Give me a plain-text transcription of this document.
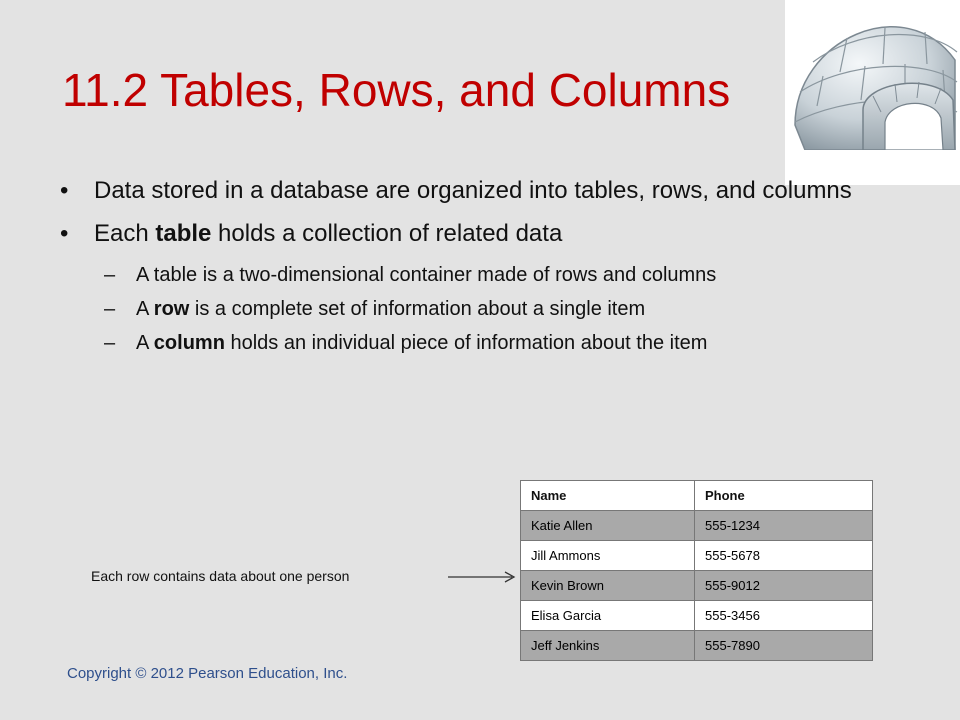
11.2 Tables, Rows, and Columns
• Data stored in a database are organized into tables, rows, and columns
• Each table holds a collection of related data
– A table is a two-dimensional container made of rows and columns
– A row is a complete set of information about a single item
– A column holds an individual piece of information about the item
Name	Phone
Katie Allen	555-1234
Jill Ammons	555-5678
Kevin Brown	555-9012
Elisa Garcia	555-3456
Jeff Jenkins	555-7890
Each row contains data about one person
Copyright © 2012 Pearson Education, Inc.
